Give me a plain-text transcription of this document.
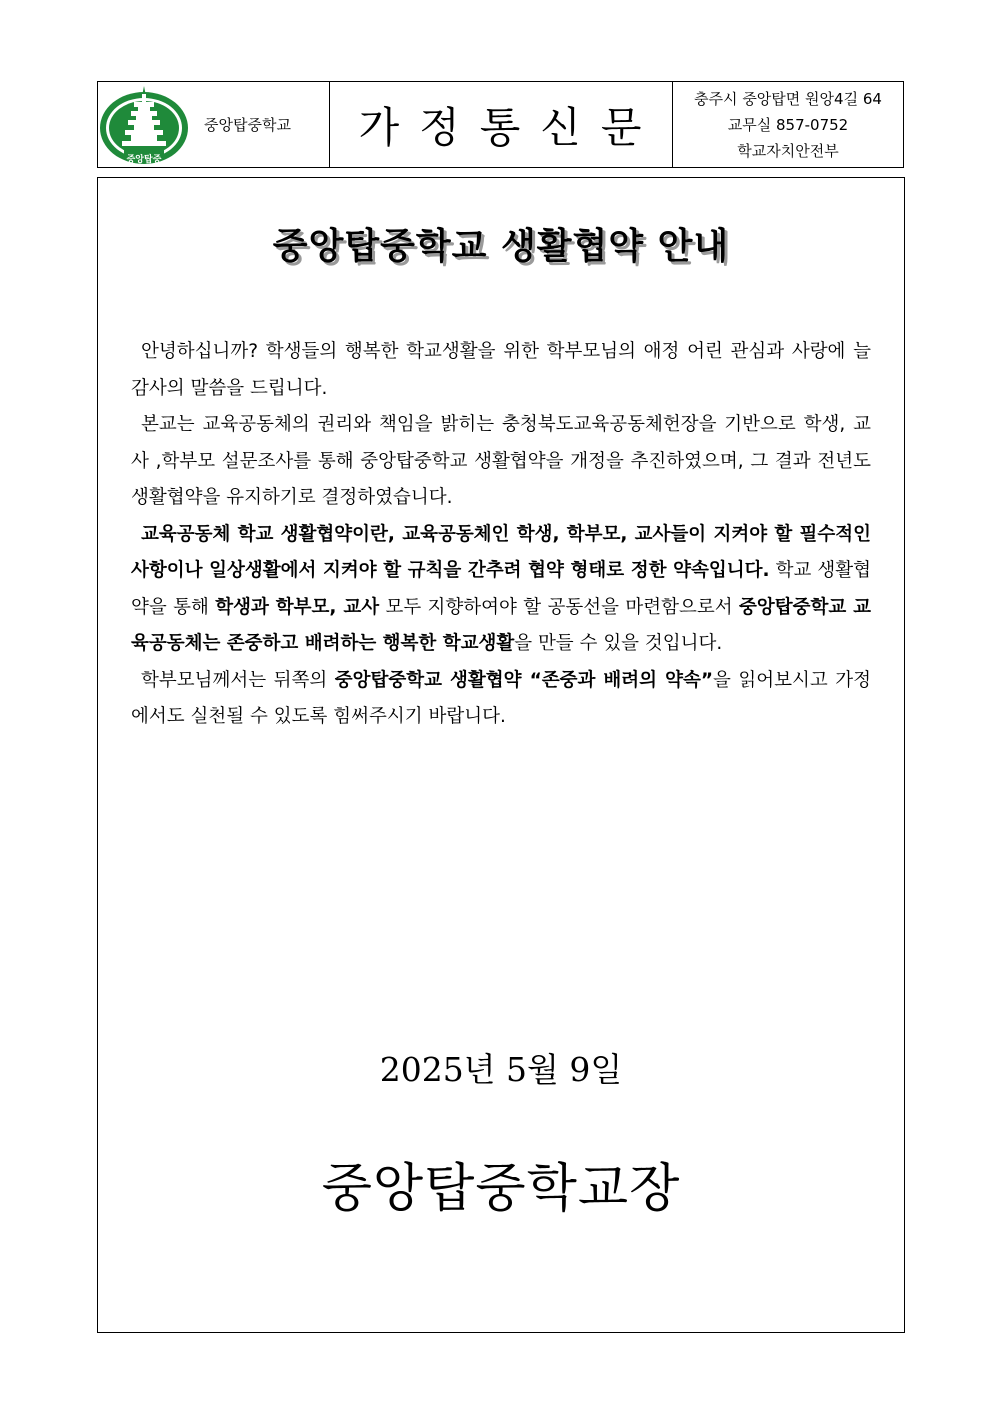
중앙탑중
중앙탑중학교	가정통신문
충주시 중앙탑면 원앙4길 64
교무실 857-0752
학교자치안전부
중앙탑중학교 생활협약 안내

안녕하십니까? 학생들의 행복한 학교생활을 위한 학부모님의 애정 어린 관심과 사랑에 늘 감사의 말씀을 드립니다.

본교는 교육공동체의 권리와 책임을 밝히는 충청북도교육공동체헌장을 기반으로 학생, 교사 ,학부모 설문조사를 통해 중앙탑중학교 생활협약을 개정을 추진하였으며, 그 결과 전년도 생활협약을 유지하기로 결정하였습니다.

교육공동체 학교 생활협약이란, 교육공동체인 학생, 학부모, 교사들이 지켜야 할 필수적인 사항이나 일상생활에서 지켜야 할 규칙을 간추려 협약 형태로 정한 약속입니다. 학교 생활협약을 통해 학생과 학부모, 교사 모두 지향하여야 할 공동선을 마련함으로서 중앙탑중학교 교육공동체는 존중하고 배려하는 행복한 학교생활을 만들 수 있을 것입니다.

학부모님께서는 뒤쪽의 중앙탑중학교 생활협약 “존중과 배려의 약속”을 읽어보시고 가정에서도 실천될 수 있도록 힘써주시기 바랍니다.

2025년 5월 9일
중앙탑중학교장
